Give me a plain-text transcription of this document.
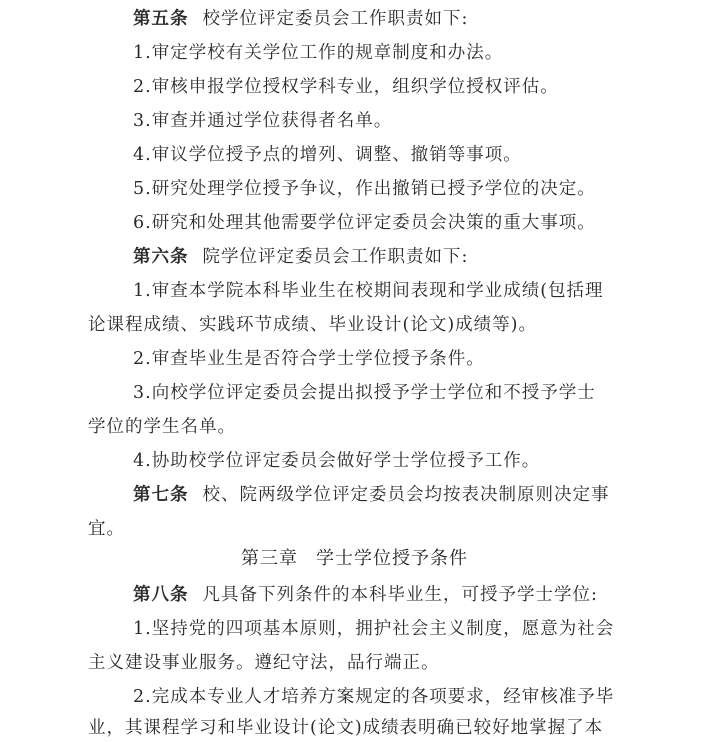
第五条 校学位评定委员会工作职责如下:
1.审定学校有关学位工作的规章制度和办法。
2.审核申报学位授权学科专业，组织学位授权评估。
3.审查并通过学位获得者名单。
4.审议学位授予点的增列、调整、撤销等事项。
5.研究处理学位授予争议，作出撤销已授予学位的决定。
6.研究和处理其他需要学位评定委员会决策的重大事项。
第六条 院学位评定委员会工作职责如下:
1.审查本学院本科毕业生在校期间表现和学业成绩(包括理
论课程成绩、实践环节成绩、毕业设计(论文)成绩等)。
2.审查毕业生是否符合学士学位授予条件。
3.向校学位评定委员会提出拟授予学士学位和不授予学士
学位的学生名单。
4.协助校学位评定委员会做好学士学位授予工作。
第七条 校、院两级学位评定委员会均按表决制原则决定事
宜。
第三章 学士学位授予条件
第八条 凡具备下列条件的本科毕业生，可授予学士学位:
1.坚持党的四项基本原则，拥护社会主义制度，愿意为社会
主义建设事业服务。遵纪守法，品行端正。
2.完成本专业人才培养方案规定的各项要求，经审核准予毕
业，其课程学习和毕业设计(论文)成绩表明确已较好地掌握了本
